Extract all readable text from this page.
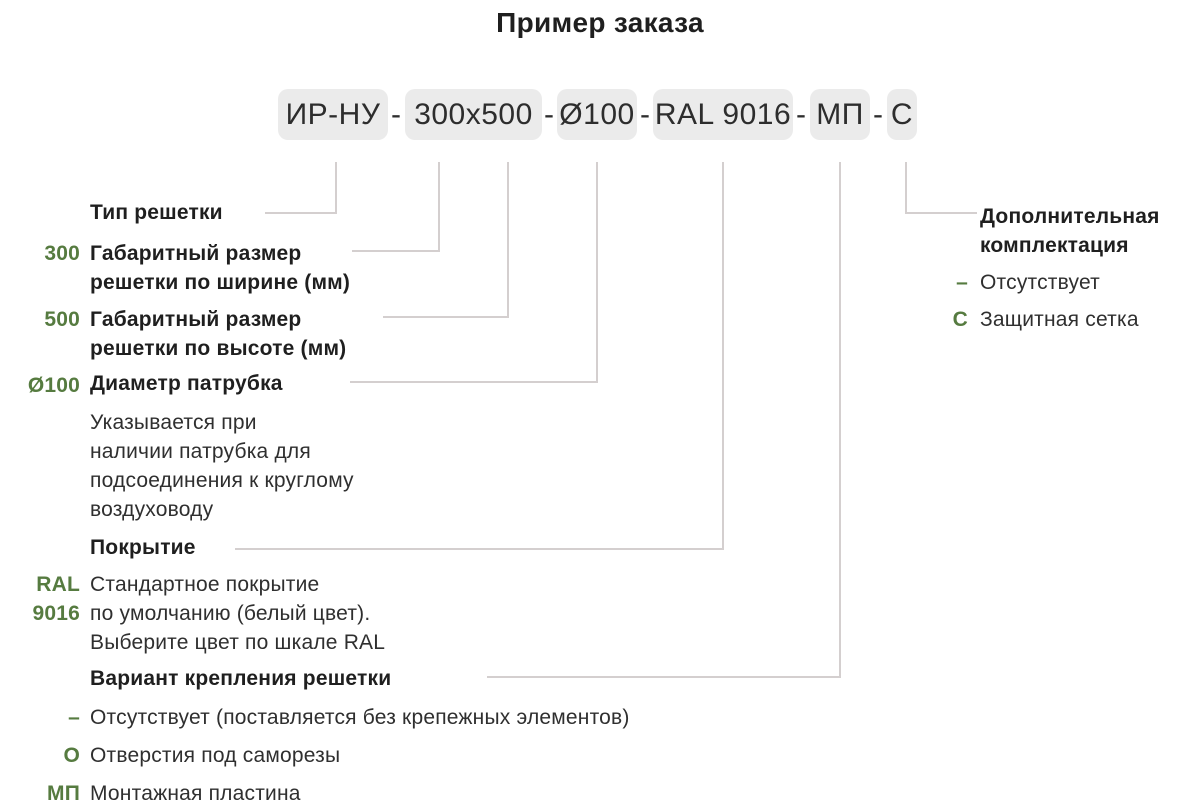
Пример заказа
ИР-НУ - 300x500 - Ø100 - RAL 9016 - МП - С
Тип решетки
300 Габаритный размер
решетки по ширине (мм)
500 Габаритный размер
решетки по высоте (мм)
Ø100 Диаметр патрубка
Указывается при
наличии патрубка для
подсоединения к круглому
воздуховоду
Покрытие
RAL
9016
Стандартное покрытие
по умолчанию (белый цвет).
Выберите цвет по шкале RAL
Вариант крепления решетки
– Отсутствует (поставляется без крепежных элементов)
О Отверстия под саморезы
МП Монтажная пластина
Дополнительная
комплектация
– Отсутствует
С Защитная сетка
